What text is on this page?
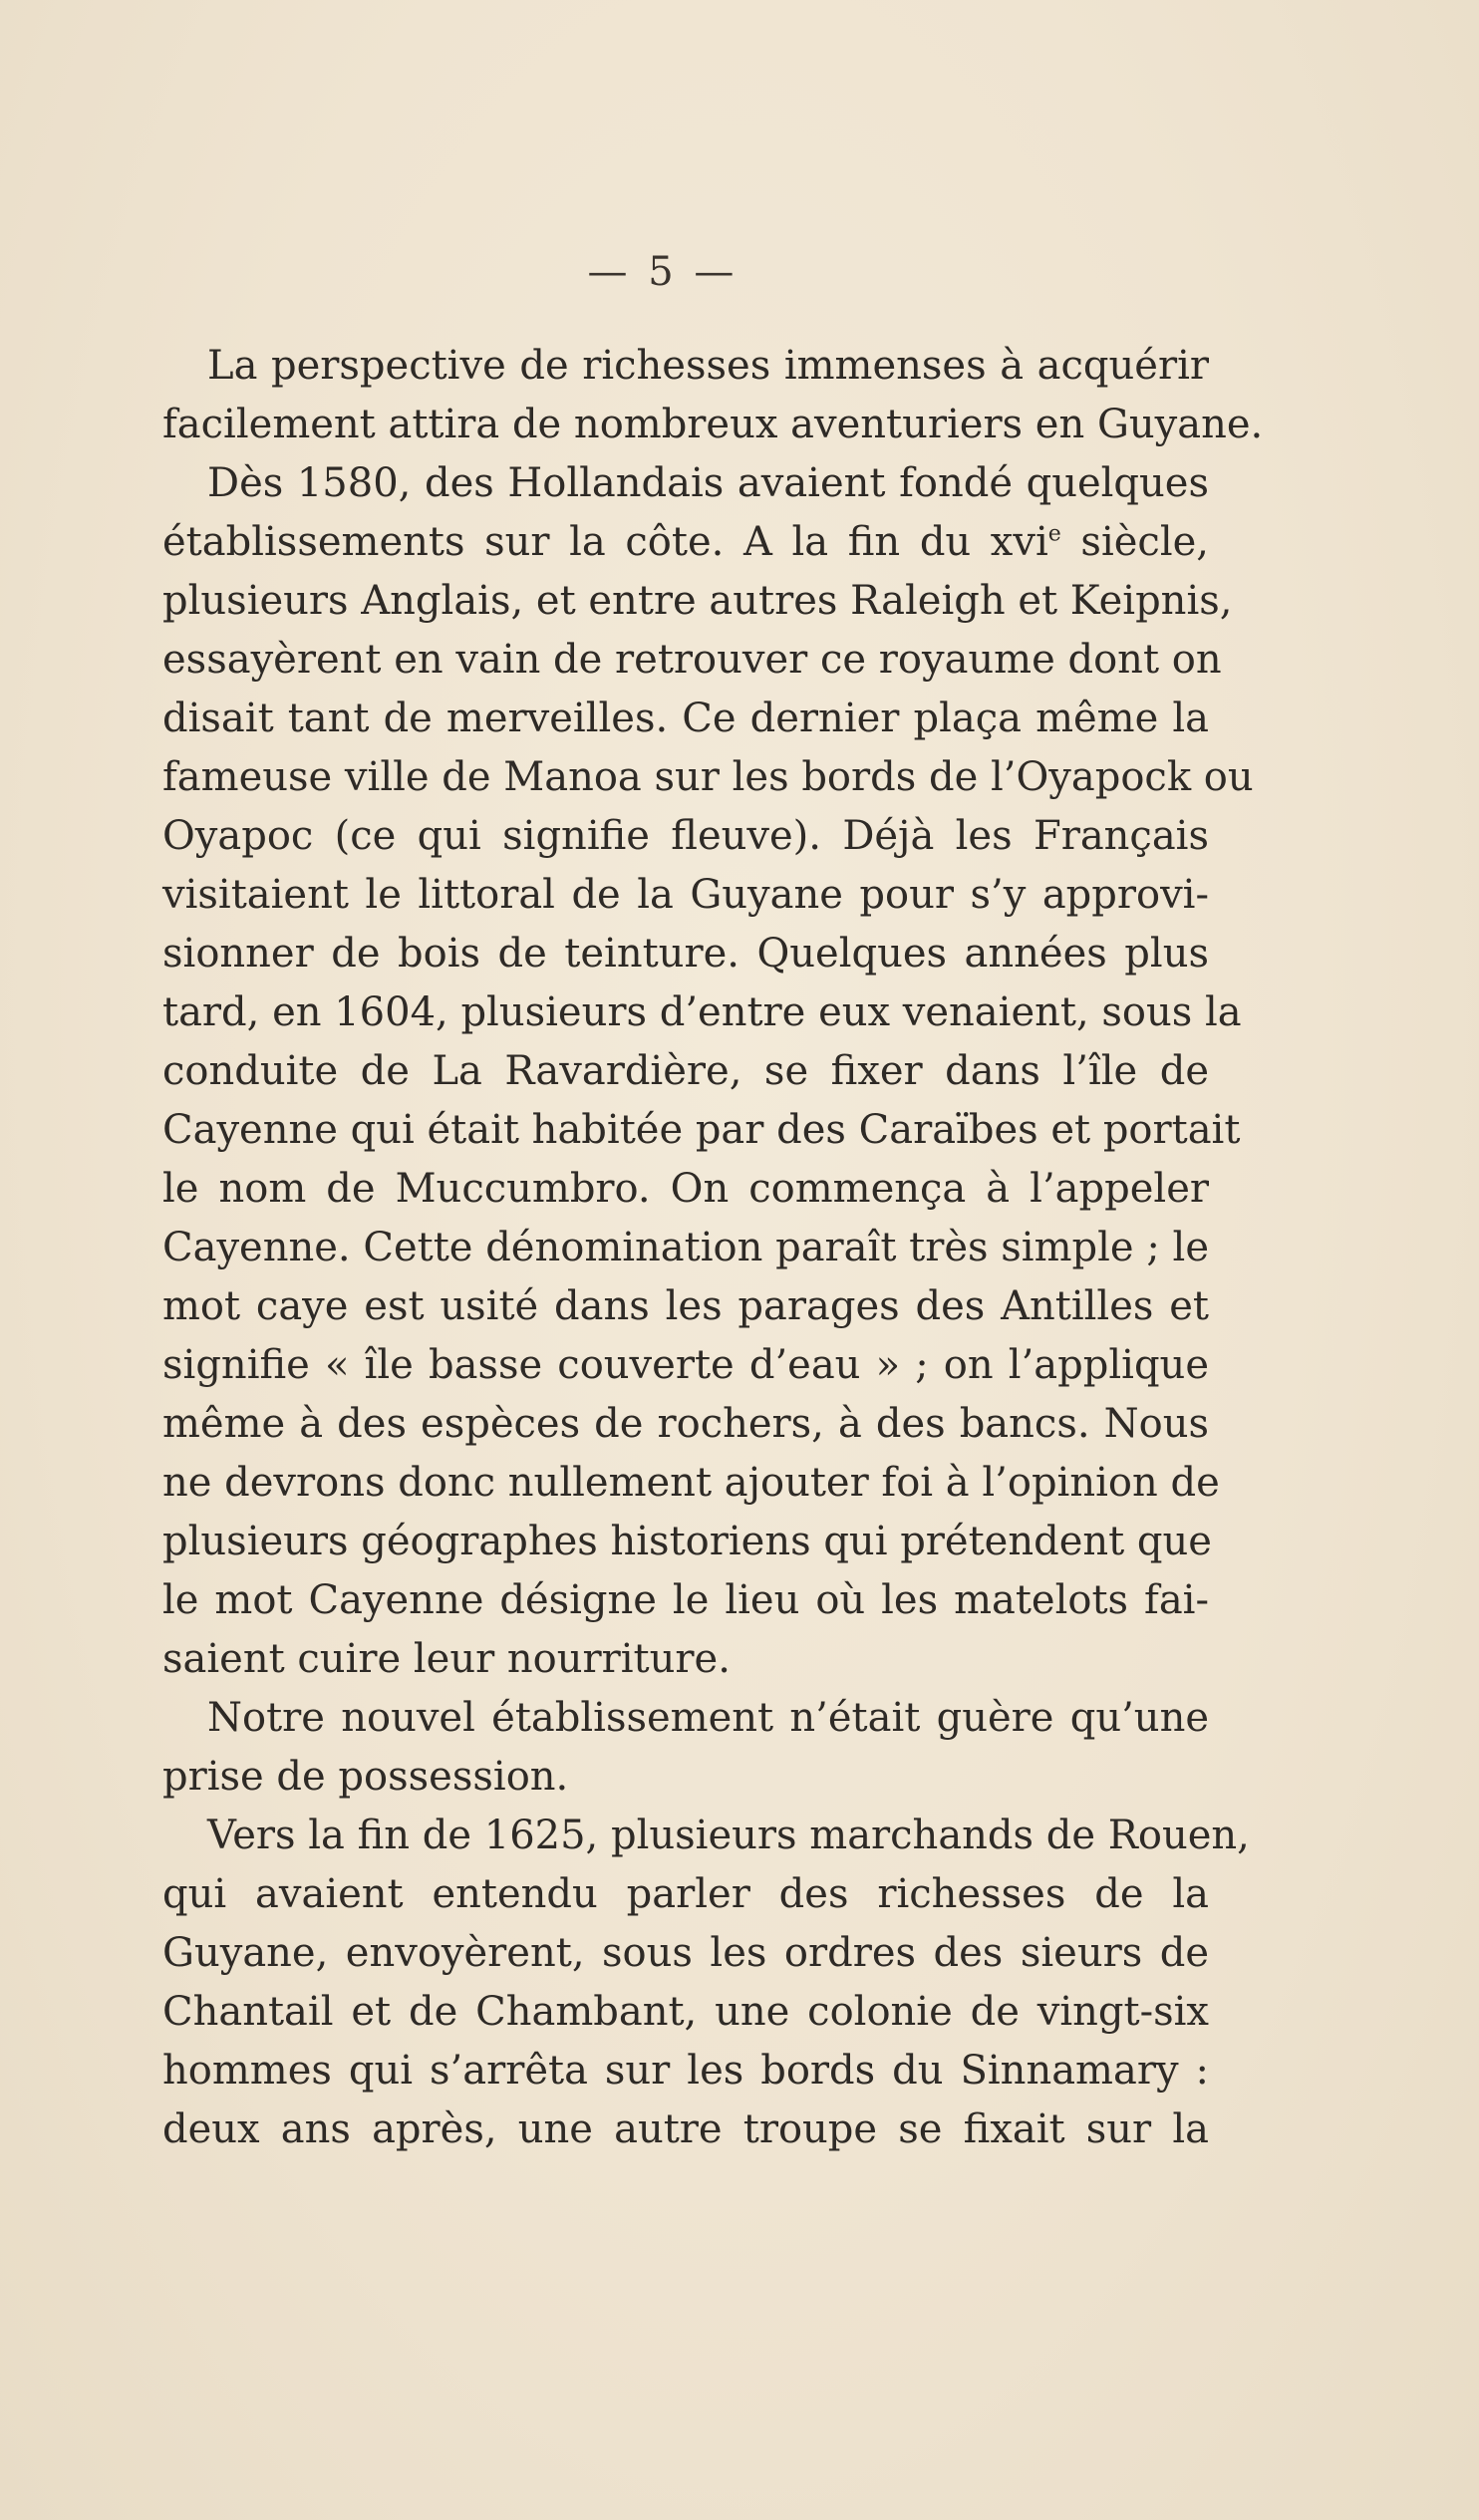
— 5 —
La perspective de richesses immenses à acquérir
facilement attira de nombreux aventuriers en Guyane.
Dès 1580, des Hollandais avaient fondé quelques
établissements sur la côte. A la fin du xvi$^e$ siècle,
plusieurs Anglais, et entre autres Raleigh et Keipnis,
essayèrent en vain de retrouver ce royaume dont on
disait tant de merveilles. Ce dernier plaça même la
fameuse ville de Manoa sur les bords de l’Oyapock ou
Oyapoc (ce qui signifie fleuve). Déjà les Français
visitaient le littoral de la Guyane pour s’y approvi-
sionner de bois de teinture. Quelques années plus
tard, en 1604, plusieurs d’entre eux venaient, sous la
conduite de La Ravardière, se fixer dans l’île de
Cayenne qui était habitée par des Caraïbes et portait
le nom de Muccumbro. On commença à l’appeler
Cayenne. Cette dénomination paraît très simple ; le
mot caye est usité dans les parages des Antilles et
signifie « île basse couverte d’eau » ; on l’applique
même à des espèces de rochers, à des bancs. Nous
ne devrons donc nullement ajouter foi à l’opinion de
plusieurs géographes historiens qui prétendent que
le mot Cayenne désigne le lieu où les matelots fai-
saient cuire leur nourriture.
Notre nouvel établissement n’était guère qu’une
prise de possession.
Vers la fin de 1625, plusieurs marchands de Rouen,
qui avaient entendu parler des richesses de la
Guyane, envoyèrent, sous les ordres des sieurs de
Chantail et de Chambant, une colonie de vingt-six
hommes qui s’arrêta sur les bords du Sinnamary :
deux ans après, une autre troupe se fixait sur la
